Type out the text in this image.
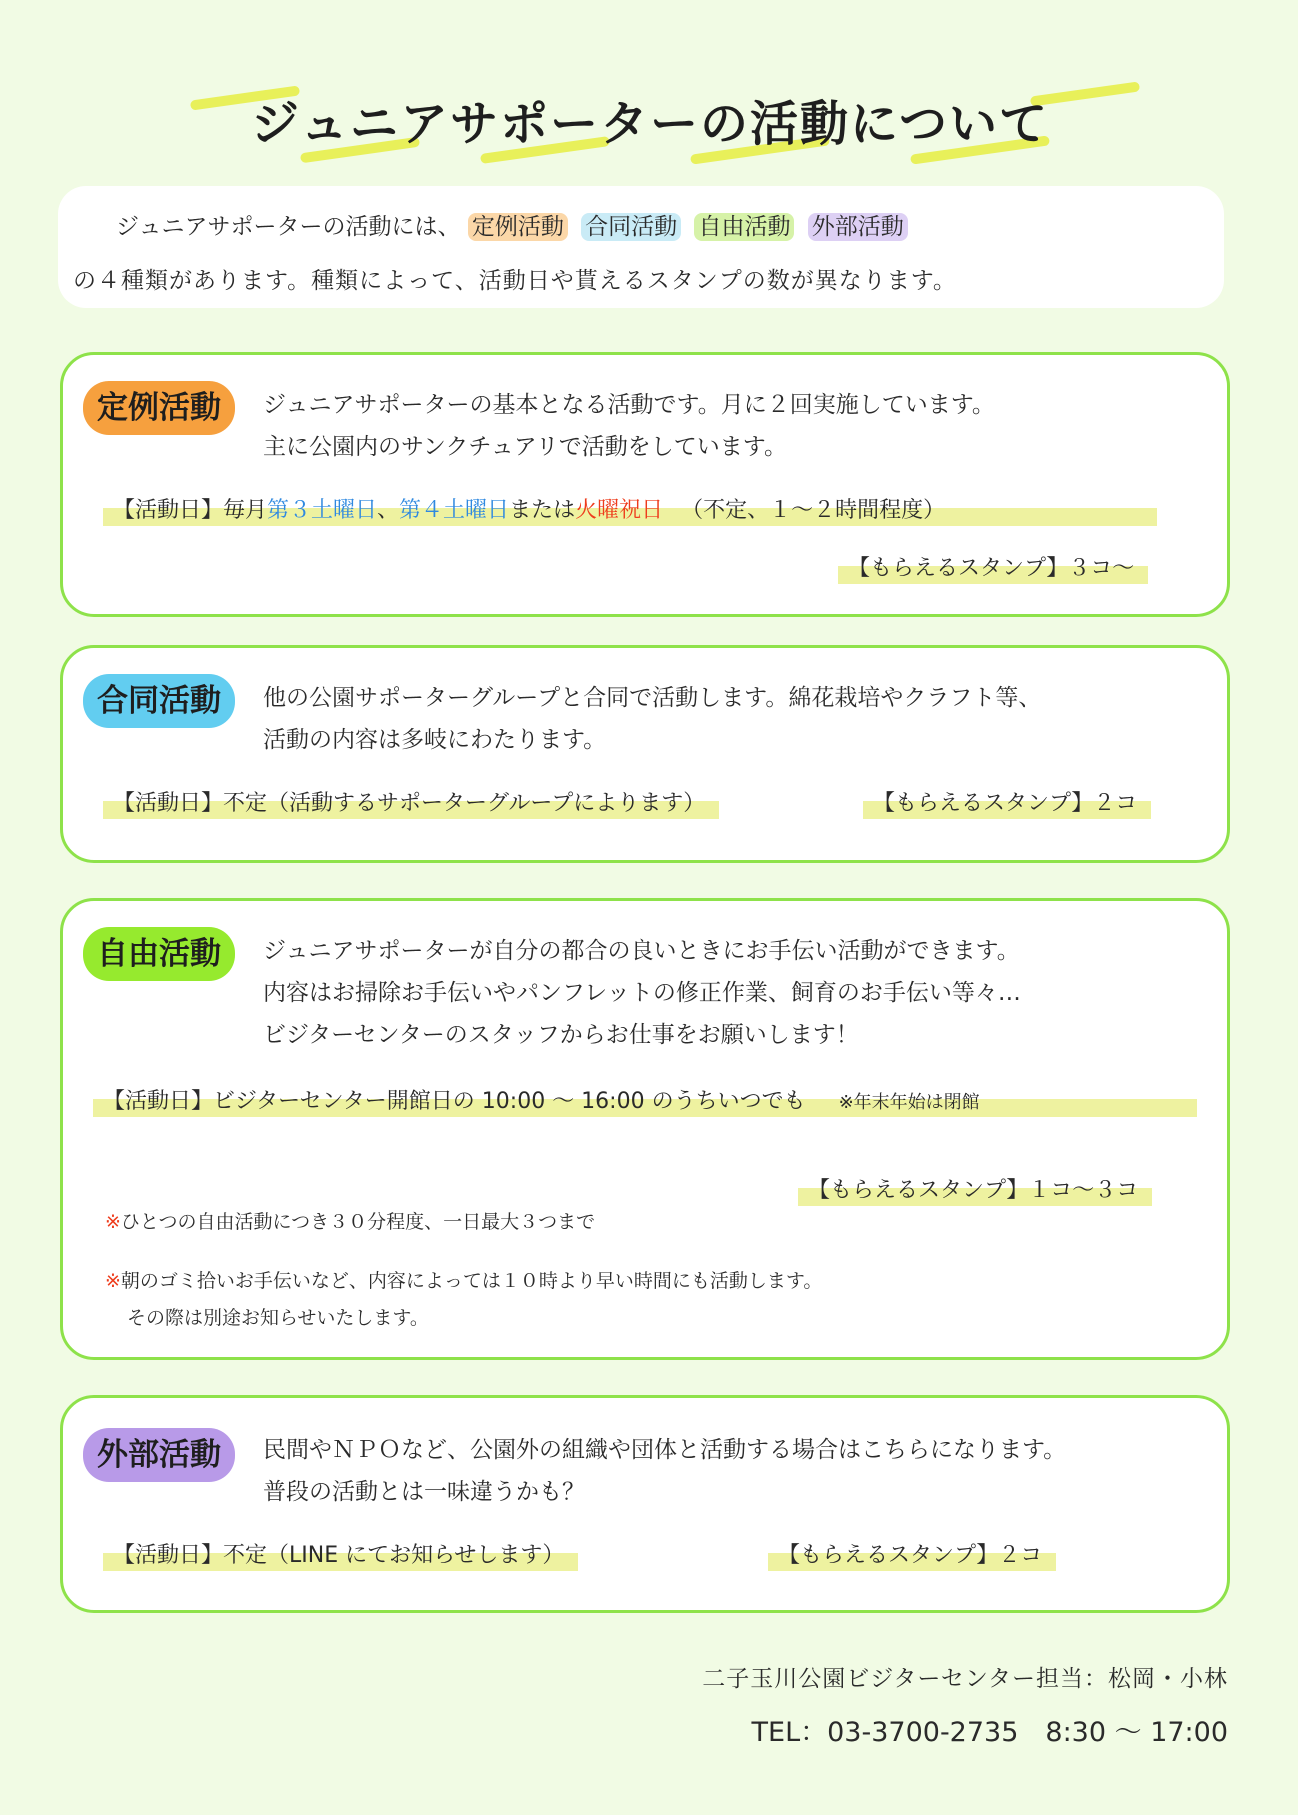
ジュニアサポーターの活動について
ジュニアサポーターの活動には、 定例活動 合同活動 自由活動 外部活動
の４種類があります。種類によって、活動日や貰えるスタンプの数が異なります。
定例活動	ジュニアサポーターの基本となる活動です。月に２回実施しています。
主に公園内のサンクチュアリで活動をしています。
【活動日】毎月第３土曜日、第４土曜日または火曜祝日 （不定、１～２時間程度）
【もらえるスタンプ】３コ～
合同活動	他の公園サポーターグループと合同で活動します。綿花栽培やクラフト等、
活動の内容は多岐にわたります。
【活動日】不定（活動するサポーターグループによります）	【もらえるスタンプ】２コ
自由活動	ジュニアサポーターが自分の都合の良いときにお手伝い活動ができます。
内容はお掃除お手伝いやパンフレットの修正作業、飼育のお手伝い等々…
ビジターセンターのスタッフからお仕事をお願いします！
【活動日】ビジターセンター開館日の 10:00 ～ 16:00 のうちいつでも ※年末年始は閉館
【もらえるスタンプ】１コ～３コ
※ひとつの自由活動につき３０分程度、一日最大３つまで
※朝のゴミ拾いお手伝いなど、内容によっては１０時より早い時間にも活動します。
その際は別途お知らせいたします。
外部活動	民間やＮＰＯなど、公園外の組織や団体と活動する場合はこちらになります。
普段の活動とは一味違うかも？
【活動日】不定（LINE にてお知らせします）	【もらえるスタンプ】２コ
二子玉川公園ビジターセンター担当：松岡・小林
TEL：03-3700-2735　8:30 ～ 17:00
